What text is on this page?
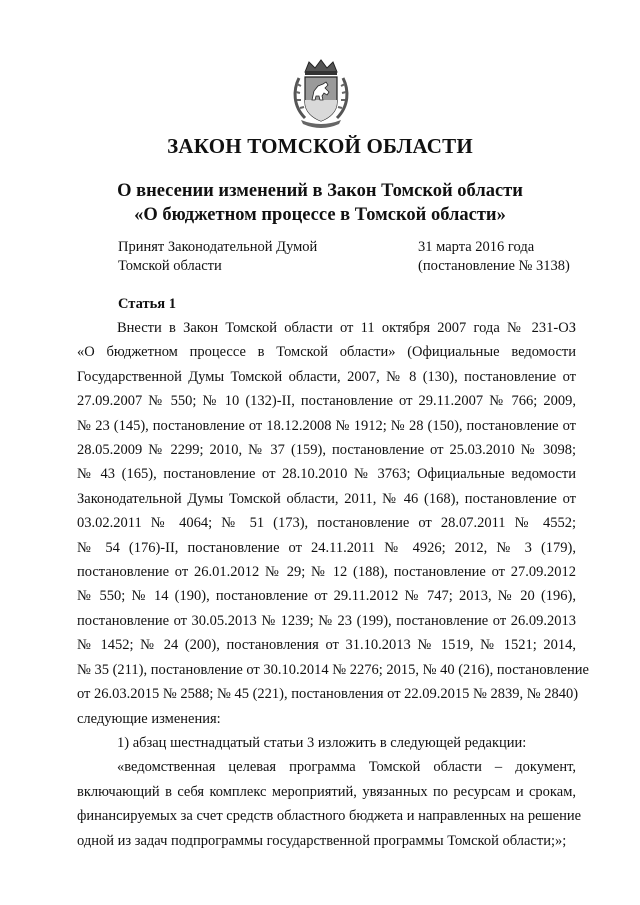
ЗАКОН ТОМСКОЙ ОБЛАСТИ
О внесении изменений в Закон Томской области
«О бюджетном процессе в Томской области»
Принят Законодательной Думой
Томской области
31 марта 2016 года
(постановление № 3138)
Статья 1
Внести в Закон Томской области от 11 октября 2007 года № 231-ОЗ
«О бюджетном процессе в Томской области» (Официальные ведомости
Государственной Думы Томской области, 2007, № 8 (130), постановление от
27.09.2007 № 550; № 10 (132)-II, постановление от 29.11.2007 № 766; 2009,
№ 23 (145), постановление от 18.12.2008 № 1912; № 28 (150), постановление от
28.05.2009 № 2299; 2010, № 37 (159), постановление от 25.03.2010 № 3098;
№ 43 (165), постановление от 28.10.2010 № 3763; Официальные ведомости
Законодательной Думы Томской области, 2011, № 46 (168), постановление от
03.02.2011 № 4064; № 51 (173), постановление от 28.07.2011 № 4552;
№ 54 (176)-II, постановление от 24.11.2011 № 4926; 2012, № 3 (179),
постановление от 26.01.2012 № 29; № 12 (188), постановление от 27.09.2012
№ 550; № 14 (190), постановление от 29.11.2012 № 747; 2013, № 20 (196),
постановление от 30.05.2013 № 1239; № 23 (199), постановление от 26.09.2013
№ 1452; № 24 (200), постановления от 31.10.2013 № 1519, № 1521; 2014,
№ 35 (211), постановление от 30.10.2014 № 2276; 2015, № 40 (216), постановление
от 26.03.2015 № 2588; № 45 (221), постановления от 22.09.2015 № 2839, № 2840)
следующие изменения:
1) абзац шестнадцатый статьи 3 изложить в следующей редакции:
«ведомственная целевая программа Томской области – документ,
включающий в себя комплекс мероприятий, увязанных по ресурсам и срокам,
финансируемых за счет средств областного бюджета и направленных на решение
одной из задач подпрограммы государственной программы Томской области;»;
